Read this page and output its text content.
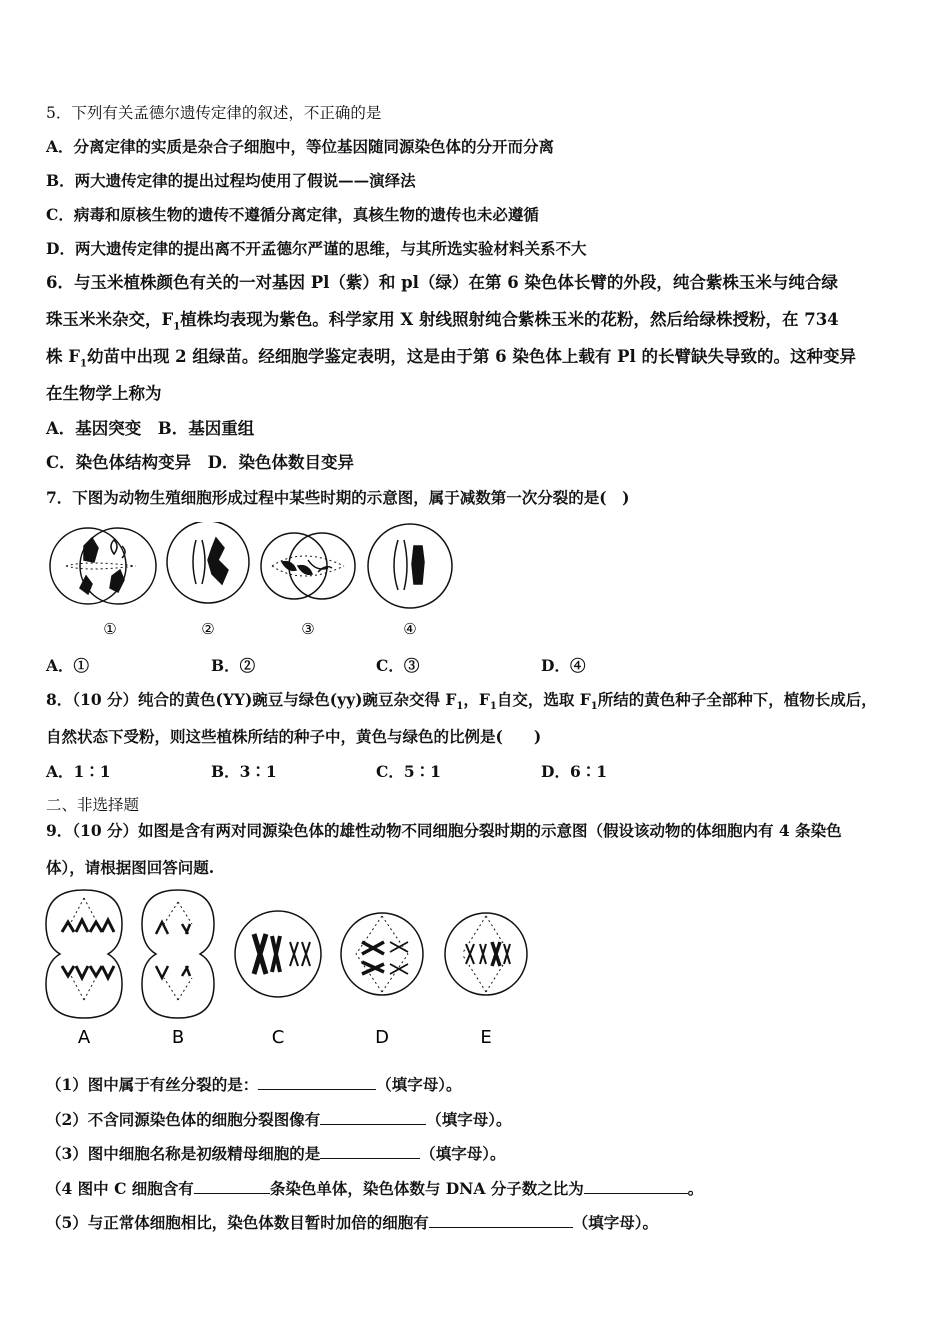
5．下列有关孟德尔遗传定律的叙述，不正确的是
A．分离定律的实质是杂合子细胞中，等位基因随同源染色体的分开而分离
B．两大遗传定律的提出过程均使用了假说——演绎法
C．病毒和原核生物的遗传不遵循分离定律，真核生物的遗传也未必遵循
D．两大遗传定律的提出离不开孟德尔严谨的思维，与其所选实验材料关系不大
6．与玉米植株颜色有关的一对基因 Pl（紫）和 pl（绿）在第 6 染色体长臂的外段，纯合紫株玉米与纯合绿
珠玉米米杂交，$F_1$植株均表现为紫色。科学家用 X 射线照射纯合紫株玉米的花粉，然后给绿株授粉，在 734
株 $F_1$幼苗中出现 2 组绿苗。经细胞学鉴定表明，这是由于第 6 染色体上载有 Pl 的长臂缺失导致的。这种变异
在生物学上称为
A．基因突变　B．基因重组
C．染色体结构变异　D．染色体数目变异
7．下图为动物生殖细胞形成过程中某些时期的示意图，属于减数第一次分裂的是(　)
①	②	③	④
A．①	B．②	C．③	D．④
8．（10 分）纯合的黄色(YY)豌豆与绿色(yy)豌豆杂交得 $F_1$，$F_1$自交，选取 $F_1$所结的黄色种子全部种下，植物长成后，
自然状态下受粉，则这些植株所结的种子中，黄色与绿色的比例是(　　)
A．1∶1	B．3∶1	C．5∶1	D．6∶1
二、非选择题
9．（10 分）如图是含有两对同源染色体的雄性动物不同细胞分裂时期的示意图（假设该动物的体细胞内有 4 条染色
体），请根据图回答问题.
A	B	C	D	E
（1）图中属于有丝分裂的是：	（填字母）。
（2）不含同源染色体的细胞分裂图像有	（填字母）。
（3）图中细胞名称是初级精母细胞的是	（填字母）。
（4 图中 C 细胞含有	条染色单体，染色体数与 DNA 分子数之比为	。
（5）与正常体细胞相比，染色体数目暂时加倍的细胞有	（填字母）。
